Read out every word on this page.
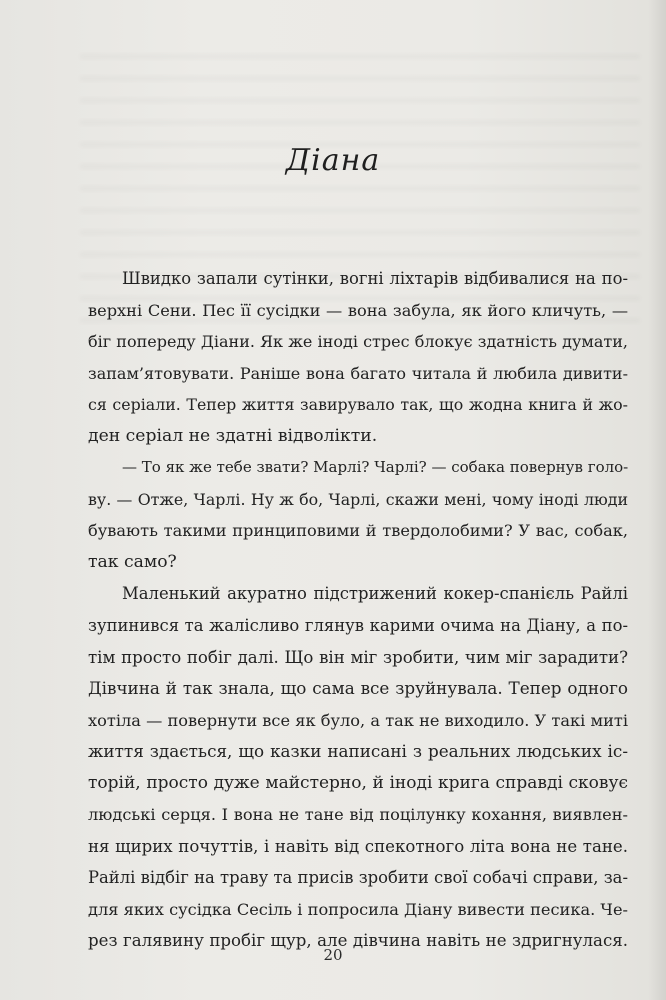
Діана
Швидко запали сутінки, вогні ліхтарів відбивалися на по-
верхні Сени. Пес її сусідки — вона забула, як його кличуть, —
біг попереду Діани. Як же іноді стрес блокує здатність думати,
запам’ятовувати. Раніше вона багато читала й любила дивити-
ся серіали. Тепер життя завирувало так, що жодна книга й жо-
ден серіал не здатні відволікти.
— То як же тебе звати? Марлі? Чарлі? — собака повернув голо-
ву. — Отже, Чарлі. Ну ж бо, Чарлі, скажи мені, чому іноді люди
бувають такими принциповими й твердолобими? У вас, собак,
так само?
Маленький акуратно підстрижений кокер-спанієль Райлі
зупинився та жалісливо глянув карими очима на Діану, а по-
тім просто побіг далі. Що він міг зробити, чим міг зарадити?
Дівчина й так знала, що сама все зруйнувала. Тепер одного
хотіла — повернути все як було, а так не виходило. У такі миті
життя здається, що казки написані з реальних людських іс-
торій, просто дуже майстерно, й іноді крига справді сковує
людські серця. І вона не тане від поцілунку кохання, виявлен-
ня щирих почуттів, і навіть від спекотного літа вона не тане.
Райлі відбіг на траву та присів зробити свої собачі справи, за-
для яких сусідка Сесіль і попросила Діану вивести песика. Че-
рез галявину пробіг щур, але дівчина навіть не здригнулася.
20
